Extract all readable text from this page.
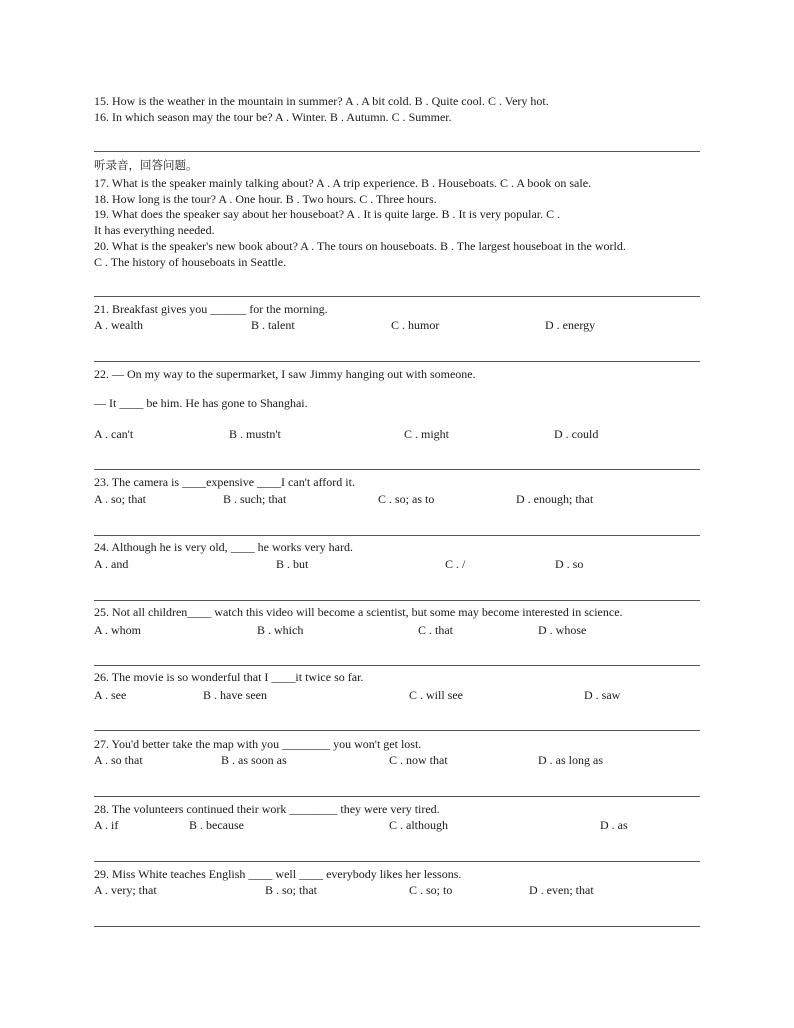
15. How is the weather in the mountain in summer? A . A bit cold. B . Quite cool. C . Very hot.
16. In which season may the tour be? A . Winter. B . Autumn. C . Summer.
听录音，回答问题。
17. What is the speaker mainly talking about? A . A trip experience. B . Houseboats. C . A book on sale.
18. How long is the tour? A . One hour. B . Two hours. C . Three hours.
19. What does the speaker say about her houseboat? A . It is quite large. B . It is very popular. C .
It has everything needed.
20. What is the speaker's new book about? A . The tours on houseboats. B . The largest houseboat in the world.
C . The history of houseboats in Seattle.
21. Breakfast gives you ______ for the morning.
A . wealth	B . talent	C . humor	D . energy
22. — On my way to the supermarket, I saw Jimmy hanging out with someone.
— It ____ be him. He has gone to Shanghai.
A . can't	B . mustn't	C . might	D . could
23. The camera is ____expensive ____I can't afford it.
A . so; that	B . such; that	C . so; as to	D . enough; that
24. Although he is very old, ____ he works very hard.
A . and	B . but	C . /	D . so
25. Not all children____ watch this video will become a scientist, but some may become interested in science.
A . whom	B . which	C . that	D . whose
26. The movie is so wonderful that I ____it twice so far.
A . see	B . have seen	C . will see	D . saw
27. You'd better take the map with you ________ you won't get lost.
A . so that	B . as soon as	C . now that	D . as long as
28. The volunteers continued their work ________ they were very tired.
A . if	B . because	C . although	D . as
29. Miss White teaches English ____ well ____ everybody likes her lessons.
A . very; that	B . so; that	C . so; to	D . even; that
